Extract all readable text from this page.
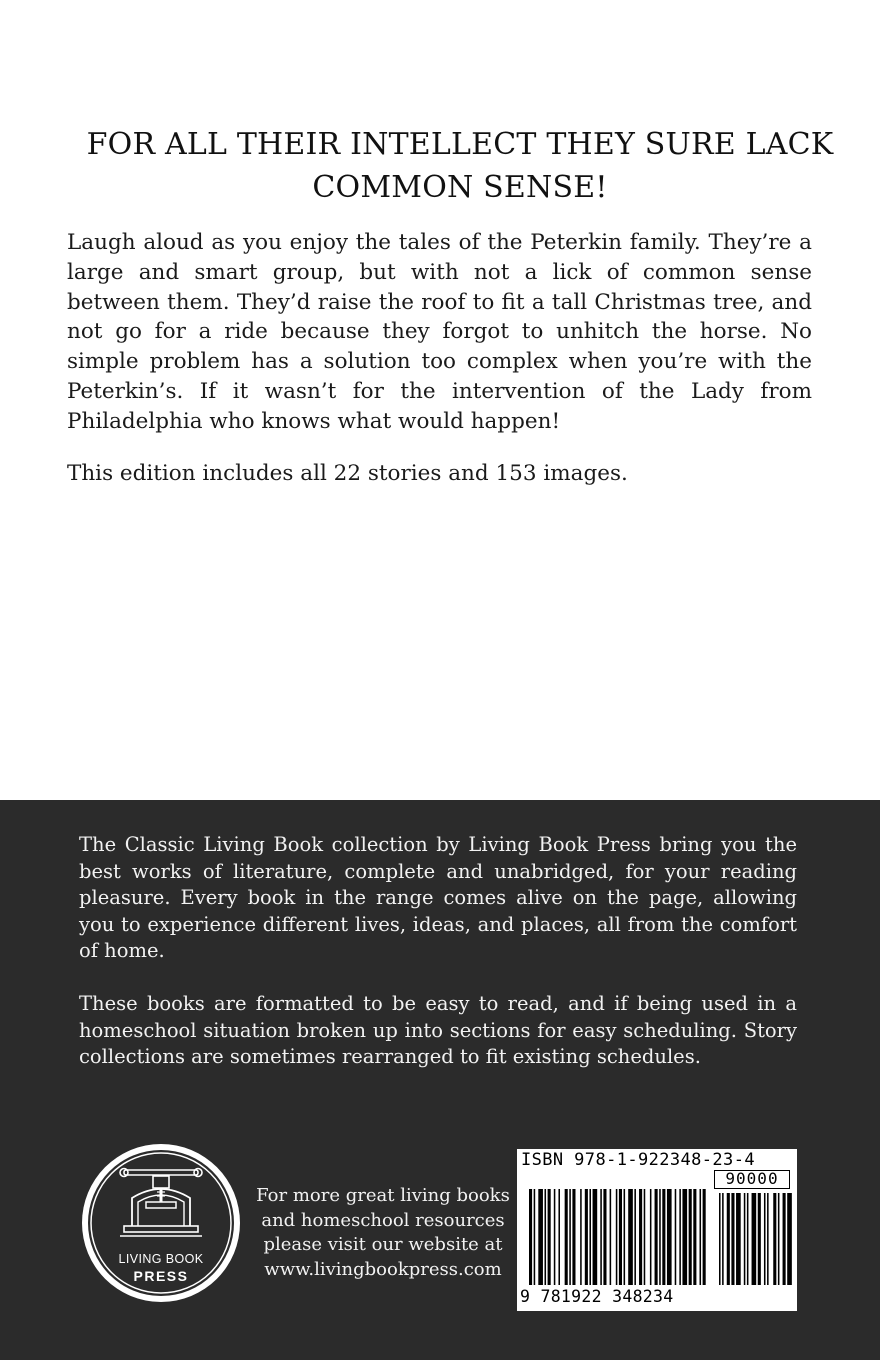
FOR ALL THEIR INTELLECT THEY SURE LACK
COMMON SENSE!
Laugh aloud as you enjoy the tales of the Peterkin family. They’re a large and smart group, but with not a lick of common sense between them. They’d raise the roof to fit a tall Christmas tree, and not go for a ride because they forgot to unhitch the horse. No simple problem has a solution too complex when you’re with the Peterkin’s. If it wasn’t for the intervention of the Lady from Philadelphia who knows what would happen!
This edition includes all 22 stories and 153 images.
The Classic Living Book collection by Living Book Press bring you the best works of literature, complete and unabridged, for your reading pleasure. Every book in the range comes alive on the page, allowing you to experience different lives, ideas, and places, all from the comfort of home.
These books are formatted to be easy to read, and if being used in a homeschool situation broken up into sections for easy scheduling. Story collections are sometimes rearranged to fit existing schedules.
LIVING BOOK
PRESS
For more great living books
and homeschool resources
please visit our website at
www.livingbookpress.com
ISBN 978-1-922348-23-4
90000
9 781922 348234
